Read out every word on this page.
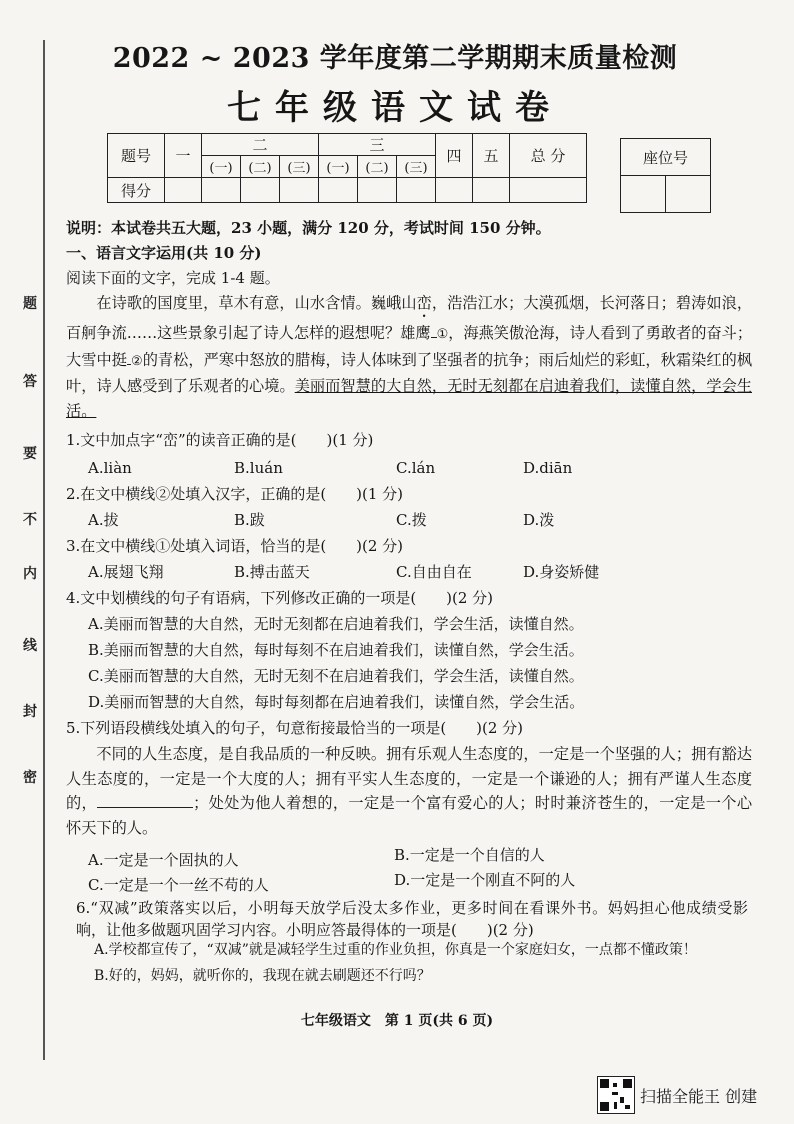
题
答
要
不
内
线
封
密
2022 ~ 2023 学年度第二学期期末质量检测
七年级语文试卷
题号	一	二			三			四	五	总 分
		(一)	(二)	(三)	(一)	(二)	(三)			
得分										
座位号

说明：本试卷共五大题，23 小题，满分 120 分，考试时间 150 分钟。
一、语言文字运用(共 10 分)
阅读下面的文字，完成 1-4 题。

在诗歌的国度里，草木有意，山水含情。巍峨山峦，浩浩江水；大漠孤烟，长河落日；碧涛如浪，百舸争流……这些景象引起了诗人怎样的遐想呢？雄鹰 ①，海燕笑傲沧海，诗人看到了勇敢者的奋斗；大雪中挺 ②的青松，严寒中怒放的腊梅，诗人体味到了坚强者的抗争；雨后灿烂的彩虹，秋霜染红的枫叶，诗人感受到了乐观者的心境。美丽而智慧的大自然，无时无刻都在启迪着我们，读懂自然，学会生活。

1.文中加点字“峦”的读音正确的是(　　)(1 分)
A.liàn	B.luán	C.lán	D.diān
2.在文中横线②处填入汉字，正确的是(　　)(1 分)
A.拔	B.跋	C.拨	D.泼
3.在文中横线①处填入词语，恰当的是(　　)(2 分)
A.展翅飞翔	B.搏击蓝天	C.自由自在	D.身姿矫健
4.文中划横线的句子有语病，下列修改正确的一项是(　　)(2 分)
A.美丽而智慧的大自然，无时无刻都在启迪着我们，学会生活，读懂自然。
B.美丽而智慧的大自然，每时每刻不在启迪着我们，读懂自然，学会生活。
C.美丽而智慧的大自然，无时无刻不在启迪着我们，学会生活，读懂自然。
D.美丽而智慧的大自然，每时每刻都在启迪着我们，读懂自然，学会生活。
5.下列语段横线处填入的句子，句意衔接最恰当的一项是(　　)(2 分)

不同的人生态度，是自我品质的一种反映。拥有乐观人生态度的，一定是一个坚强的人；拥有豁达人生态度的，一定是一个大度的人；拥有平实人生态度的，一定是一个谦逊的人；拥有严谨人生态度的，	；处处为他人着想的，一定是一个富有爱心的人；时时兼济苍生的，一定是一个心怀天下的人。

A.一定是一个固执的人	B.一定是一个自信的人
C.一定是一个一丝不苟的人	D.一定是一个刚直不阿的人
6.“双减”政策落实以后，小明每天放学后没太多作业，更多时间在看课外书。妈妈担心他成绩受影响，让他多做题巩固学习内容。小明应答最得体的一项是(　　)(2 分)
A.学校都宣传了，“双减”就是减轻学生过重的作业负担，你真是一个家庭妇女，一点都不懂政策！
B.好的，妈妈，就听你的，我现在就去刷题还不行吗？
七年级语文　第 1 页(共 6 页)
扫描全能王 创建
